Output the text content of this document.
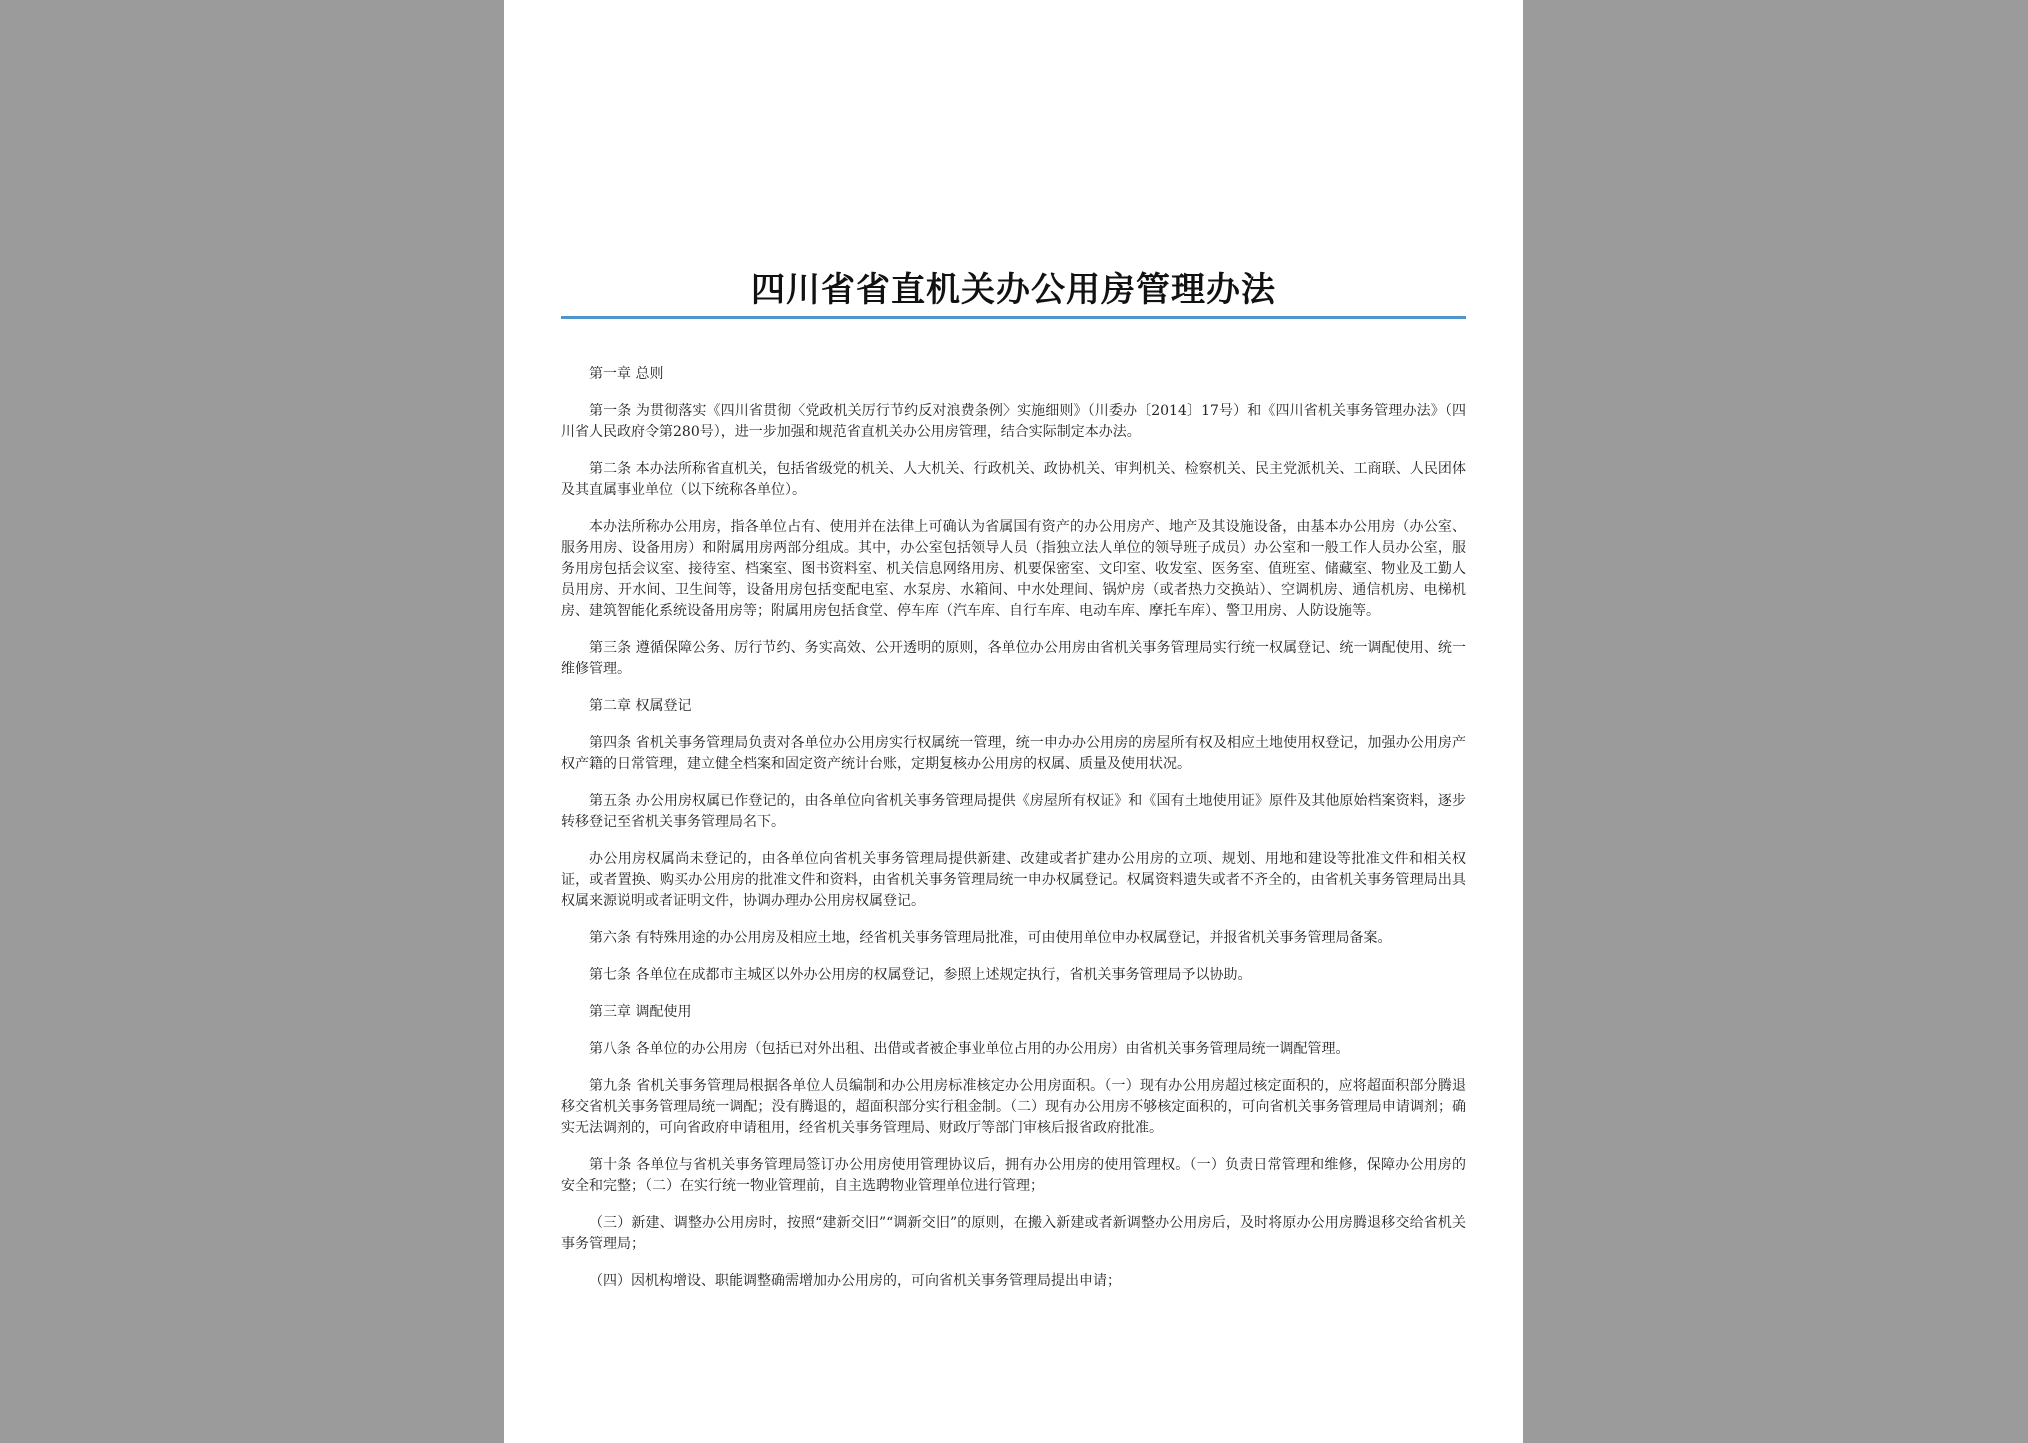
四川省省直机关办公用房管理办法

第一章 总则

第一条 为贯彻落实《四川省贯彻〈党政机关厉行节约反对浪费条例〉实施细则》（川委办〔2014〕17号）和《四川省机关事务管理办法》（四川省人民政府令第280号），进一步加强和规范省直机关办公用房管理，结合实际制定本办法。

第二条 本办法所称省直机关，包括省级党的机关、人大机关、行政机关、政协机关、审判机关、检察机关、民主党派机关、工商联、人民团体及其直属事业单位（以下统称各单位）。

本办法所称办公用房，指各单位占有、使用并在法律上可确认为省属国有资产的办公用房产、地产及其设施设备，由基本办公用房（办公室、服务用房、设备用房）和附属用房两部分组成。其中，办公室包括领导人员（指独立法人单位的领导班子成员）办公室和一般工作人员办公室，服务用房包括会议室、接待室、档案室、图书资料室、机关信息网络用房、机要保密室、文印室、收发室、医务室、值班室、储藏室、物业及工勤人员用房、开水间、卫生间等，设备用房包括变配电室、水泵房、水箱间、中水处理间、锅炉房（或者热力交换站）、空调机房、通信机房、电梯机房、建筑智能化系统设备用房等；附属用房包括食堂、停车库（汽车库、自行车库、电动车库、摩托车库）、警卫用房、人防设施等。

第三条 遵循保障公务、厉行节约、务实高效、公开透明的原则，各单位办公用房由省机关事务管理局实行统一权属登记、统一调配使用、统一维修管理。

第二章 权属登记

第四条 省机关事务管理局负责对各单位办公用房实行权属统一管理，统一申办办公用房的房屋所有权及相应土地使用权登记，加强办公用房产权产籍的日常管理，建立健全档案和固定资产统计台账，定期复核办公用房的权属、质量及使用状况。

第五条 办公用房权属已作登记的，由各单位向省机关事务管理局提供《房屋所有权证》和《国有土地使用证》原件及其他原始档案资料，逐步转移登记至省机关事务管理局名下。

办公用房权属尚未登记的，由各单位向省机关事务管理局提供新建、改建或者扩建办公用房的立项、规划、用地和建设等批准文件和相关权证，或者置换、购买办公用房的批准文件和资料，由省机关事务管理局统一申办权属登记。权属资料遗失或者不齐全的，由省机关事务管理局出具权属来源说明或者证明文件，协调办理办公用房权属登记。

第六条 有特殊用途的办公用房及相应土地，经省机关事务管理局批准，可由使用单位申办权属登记，并报省机关事务管理局备案。

第七条 各单位在成都市主城区以外办公用房的权属登记，参照上述规定执行，省机关事务管理局予以协助。

第三章 调配使用

第八条 各单位的办公用房（包括已对外出租、出借或者被企事业单位占用的办公用房）由省机关事务管理局统一调配管理。

第九条 省机关事务管理局根据各单位人员编制和办公用房标准核定办公用房面积。（一）现有办公用房超过核定面积的，应将超面积部分腾退移交省机关事务管理局统一调配；没有腾退的，超面积部分实行租金制。（二）现有办公用房不够核定面积的，可向省机关事务管理局申请调剂；确实无法调剂的，可向省政府申请租用，经省机关事务管理局、财政厅等部门审核后报省政府批准。

第十条 各单位与省机关事务管理局签订办公用房使用管理协议后，拥有办公用房的使用管理权。（一）负责日常管理和维修，保障办公用房的安全和完整；（二）在实行统一物业管理前，自主选聘物业管理单位进行管理；

（三）新建、调整办公用房时，按照“建新交旧”“调新交旧”的原则，在搬入新建或者新调整办公用房后，及时将原办公用房腾退移交给省机关事务管理局；

（四）因机构增设、职能调整确需增加办公用房的，可向省机关事务管理局提出申请；
